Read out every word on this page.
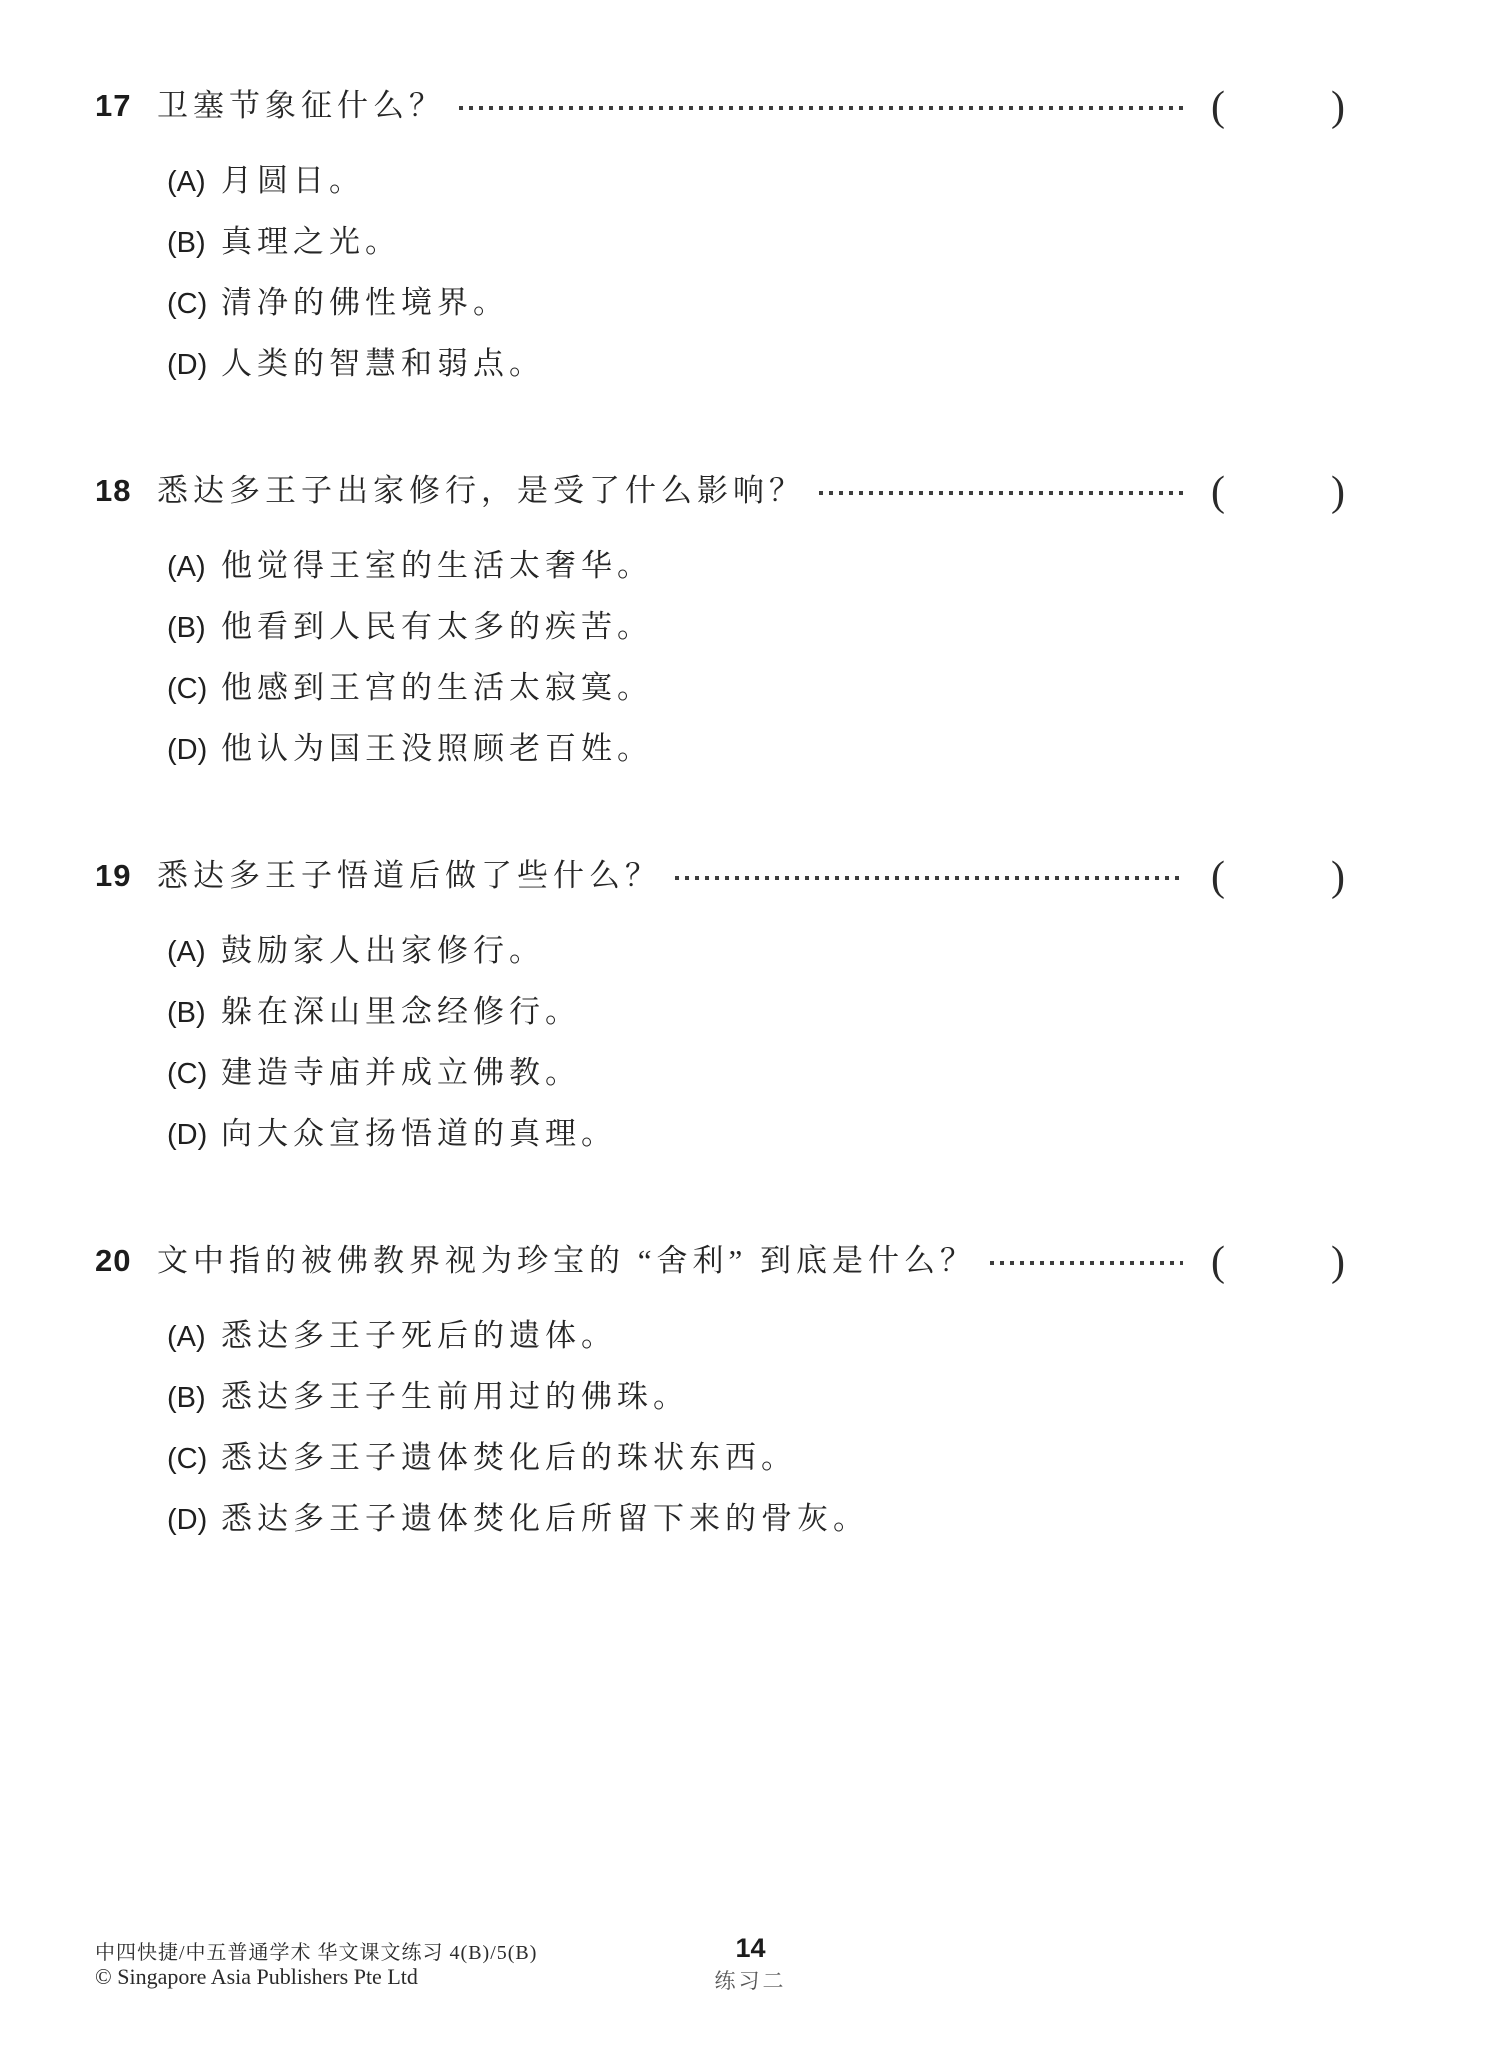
17 卫塞节象征什么？	(	)
(A) 月圆日。
(B) 真理之光。
(C) 清净的佛性境界。
(D) 人类的智慧和弱点。
18 悉达多王子出家修行，是受了什么影响？	(	)
(A) 他觉得王室的生活太奢华。
(B) 他看到人民有太多的疾苦。
(C) 他感到王宫的生活太寂寞。
(D) 他认为国王没照顾老百姓。
19 悉达多王子悟道后做了些什么？	(	)
(A) 鼓励家人出家修行。
(B) 躲在深山里念经修行。
(C) 建造寺庙并成立佛教。
(D) 向大众宣扬悟道的真理。
20 文中指的被佛教界视为珍宝的 “舍利” 到底是什么？	(	)
(A) 悉达多王子死后的遗体。
(B) 悉达多王子生前用过的佛珠。
(C) 悉达多王子遗体焚化后的珠状东西。
(D) 悉达多王子遗体焚化后所留下来的骨灰。
中四快捷/中五普通学术 华文课文练习 4(B)/5(B)
© Singapore Asia Publishers Pte Ltd
14
练习二
